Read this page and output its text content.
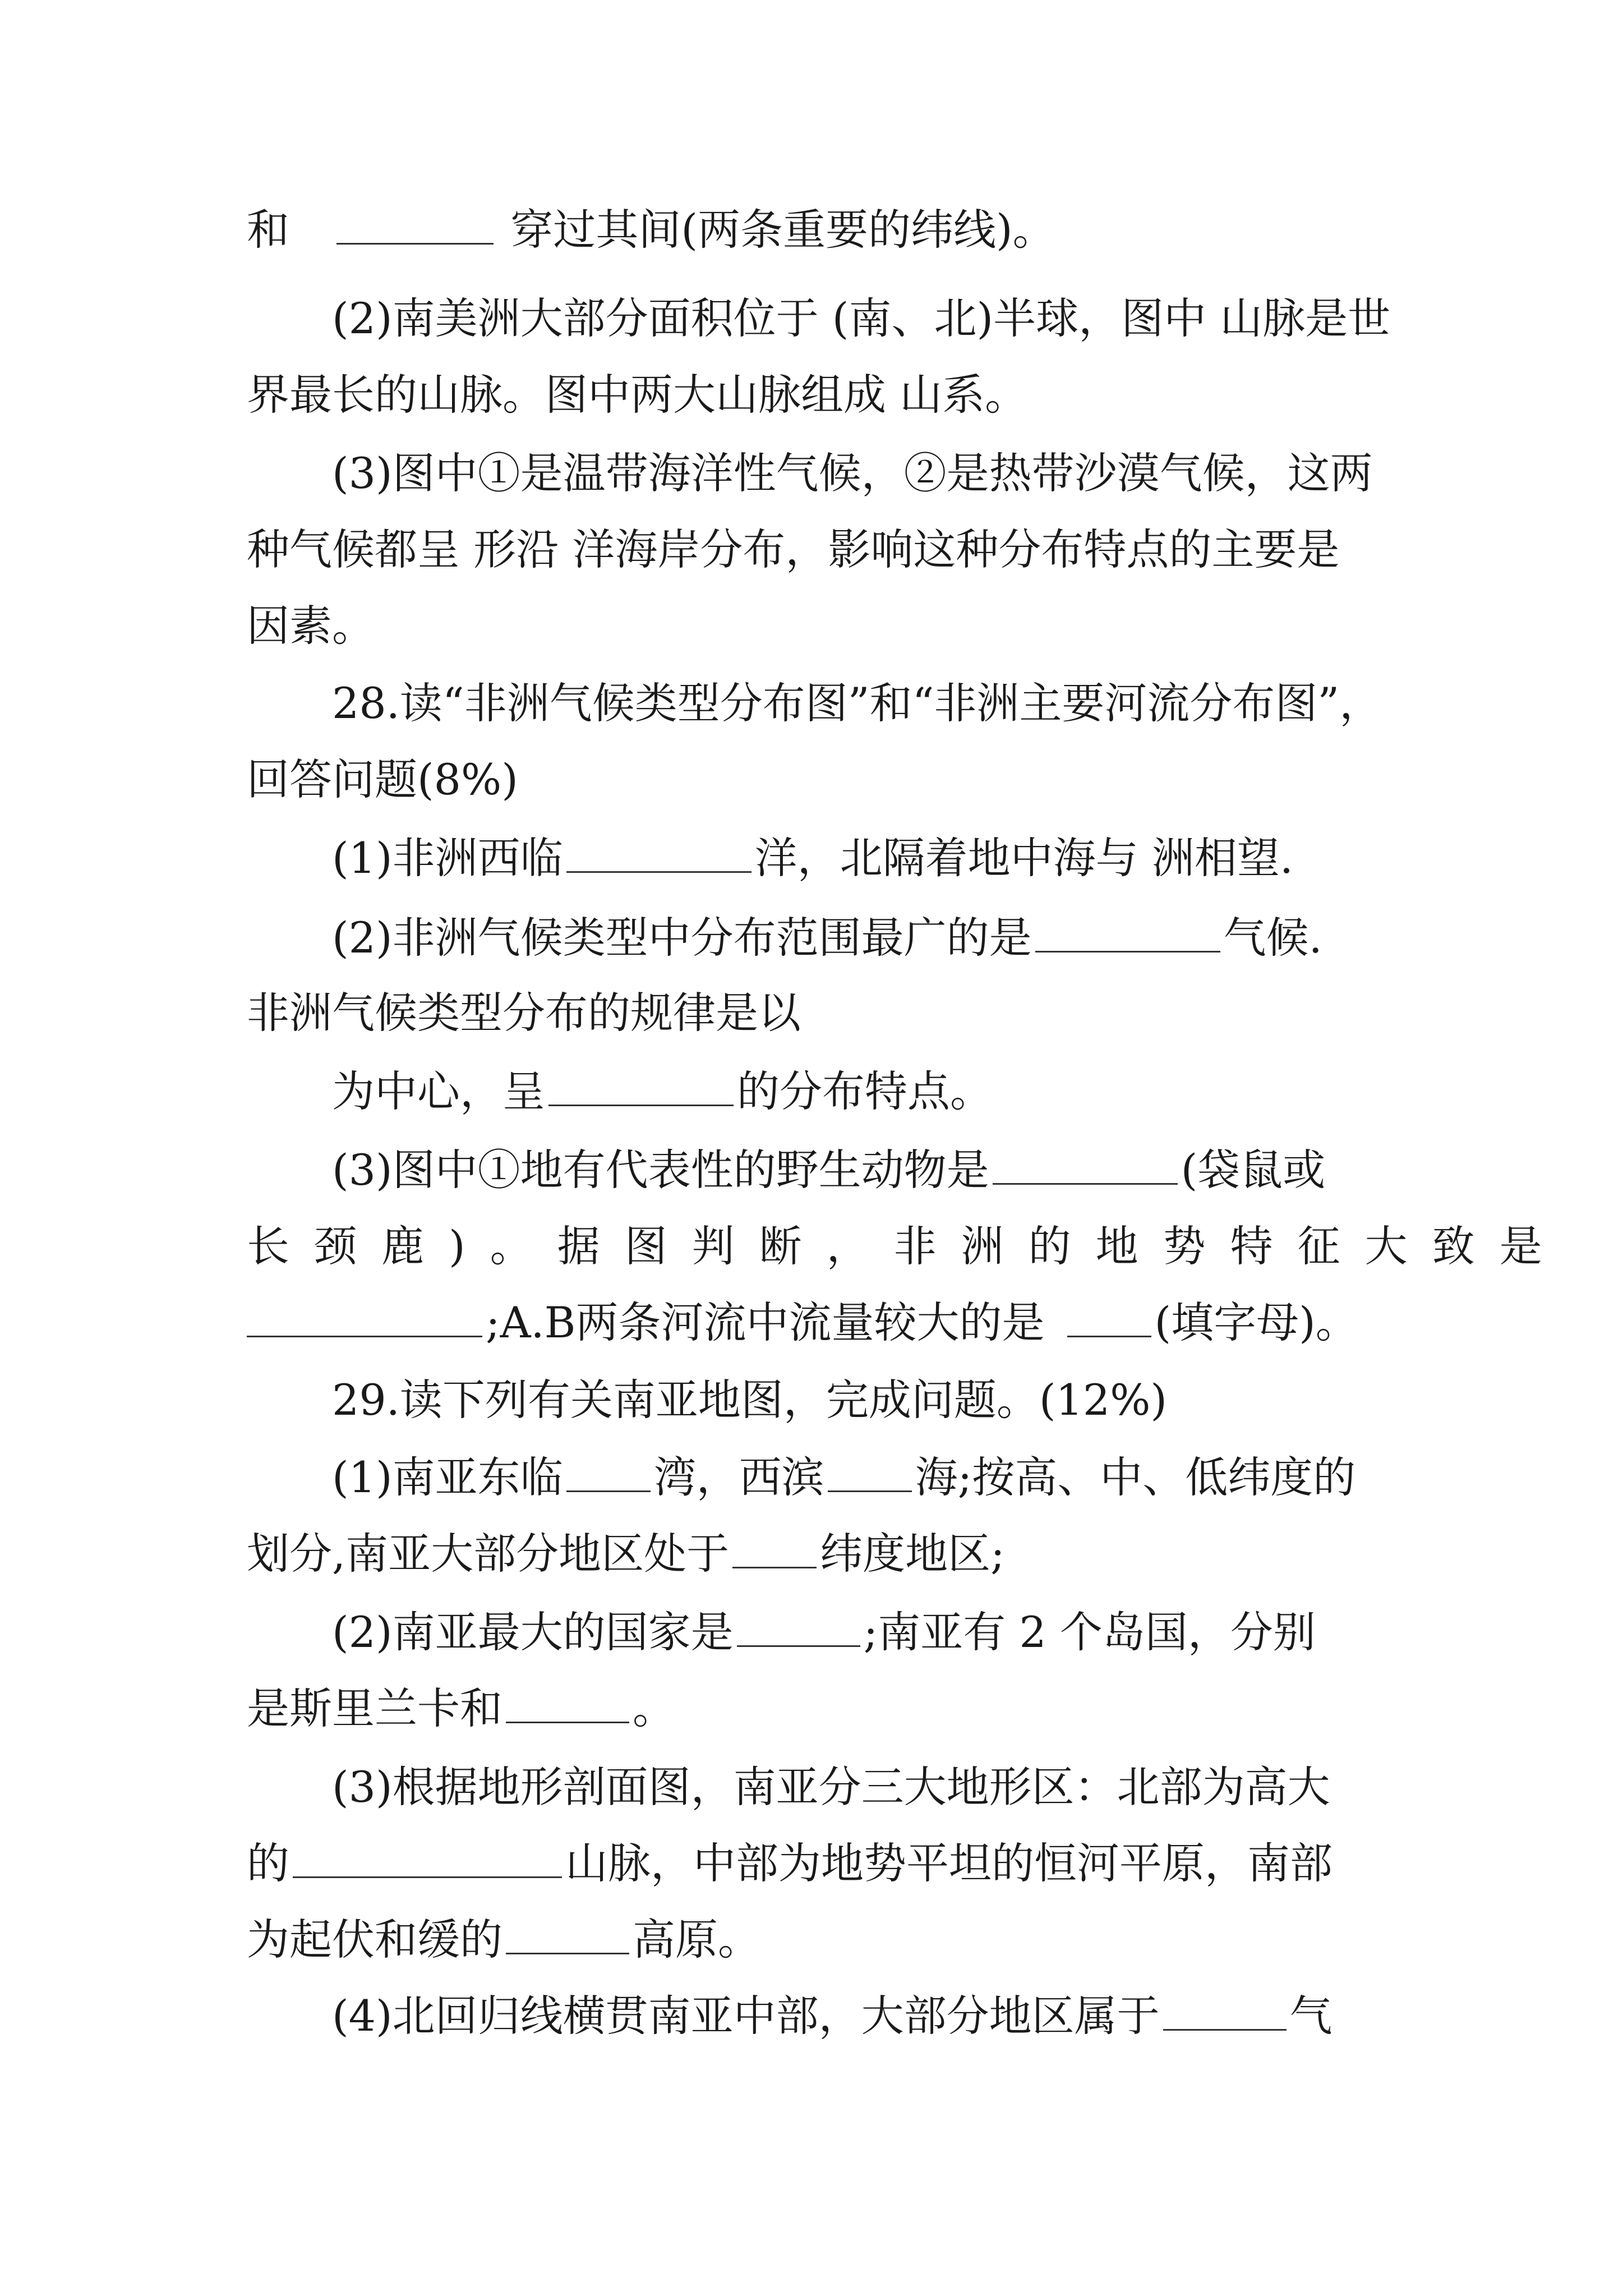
和	穿过其间(两条重要的纬线)。

(2)南美洲大部分面积位于 (南、北)半球，图中 山脉是世界最长的山脉。图中两大山脉组成 山系。

(3)图中①是温带海洋性气候，②是热带沙漠气候，这两种气候都呈 形沿 洋海岸分布，影响这种分布特点的主要是 因素。

28.读“非洲气候类型分布图”和“非洲主要河流分布图”，回答问题(8%)

(1)非洲西临	洋，北隔着地中海与 洲相望.
(2)非洲气候类型中分布范围最广的是	气候.
非洲气候类型分布的规律是以
为中心，呈	的分布特点。
(3)图中①地有代表性的野生动物是	(袋鼠或
长颈鹿)。据图判断，非洲的地势特征大致是
;A.B两条河流中流量较大的是	(填字母)。
29.读下列有关南亚地图，完成问题。(12%)
(1)南亚东临 湾，西滨 海;按高、中、低纬度的
划分,南亚大部分地区处于 纬度地区;
(2)南亚最大的国家是	;南亚有 2 个岛国，分别
是斯里兰卡和	。
(3)根据地形剖面图，南亚分三大地形区：北部为高大
的	山脉，中部为地势平坦的恒河平原，南部
为起伏和缓的	高原。
(4)北回归线横贯南亚中部，大部分地区属于	气
